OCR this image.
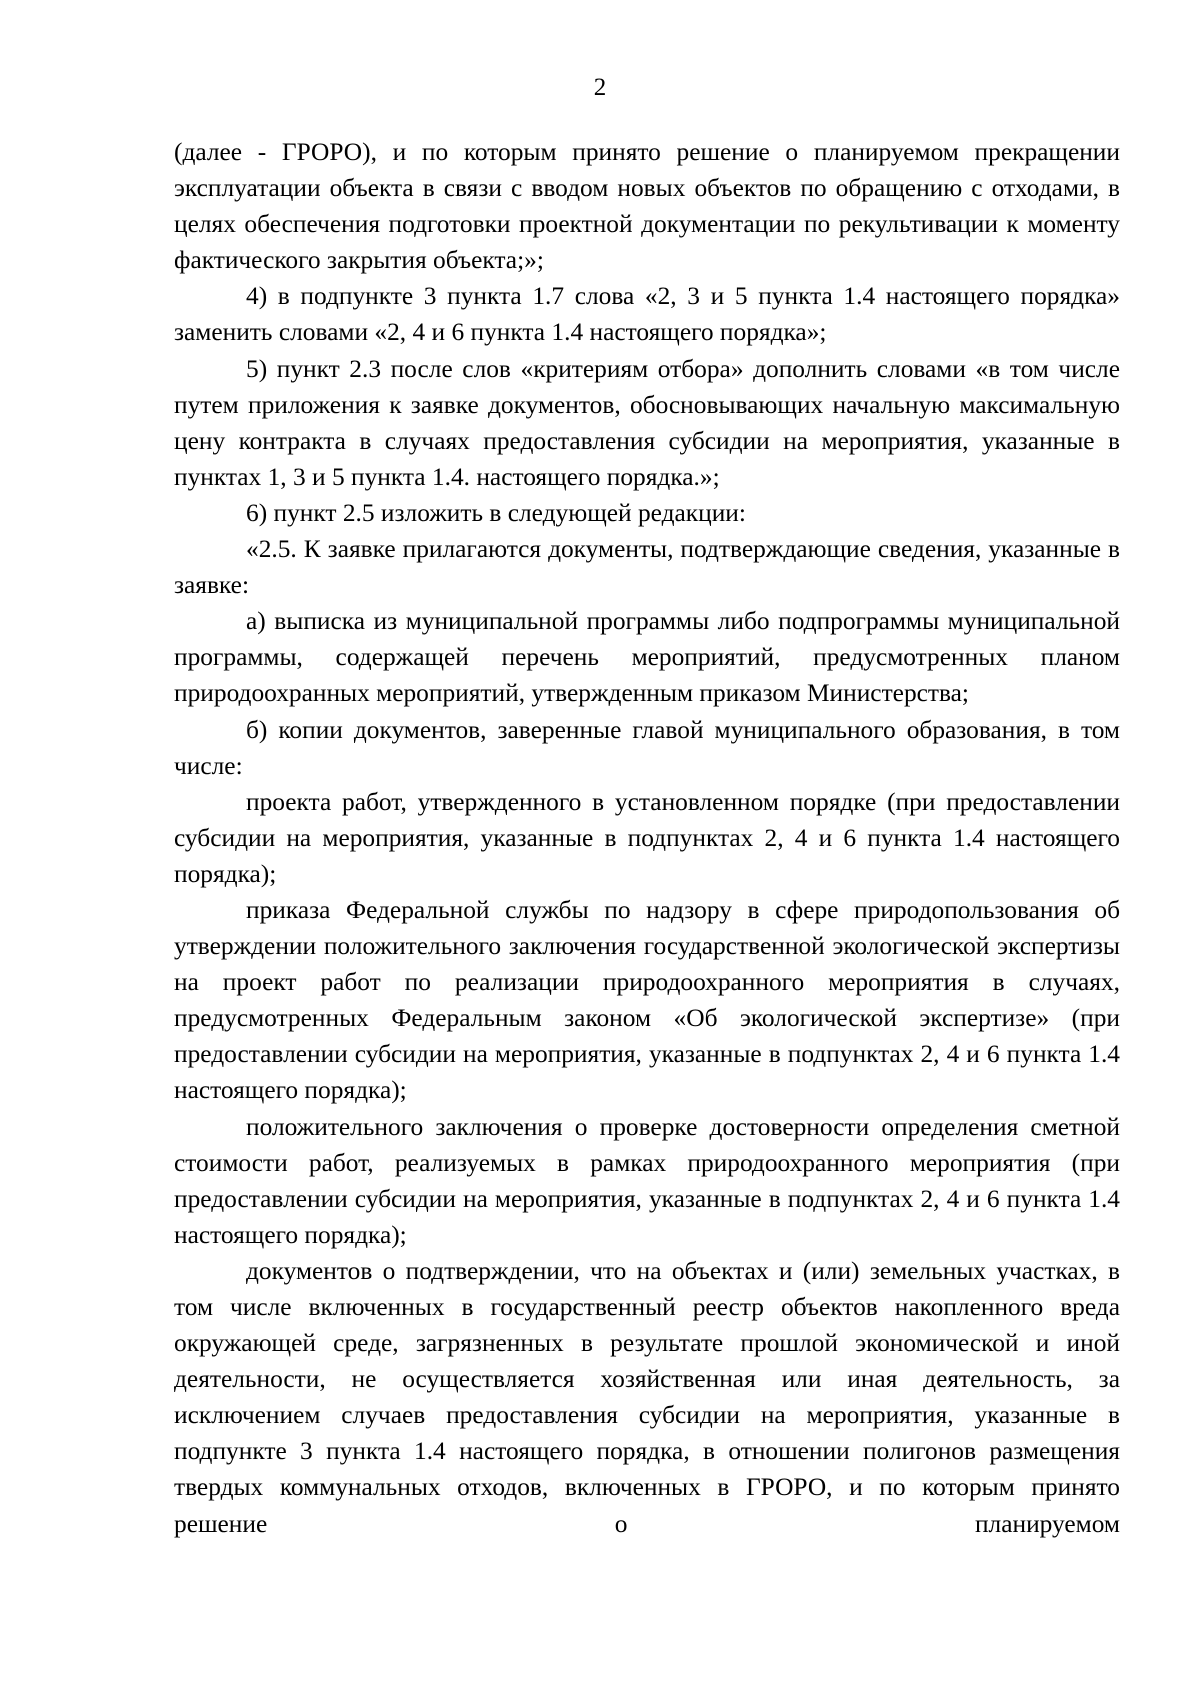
2

(далее - ГРОРО), и по которым принято решение о планируемом прекращении эксплуатации объекта в связи с вводом новых объектов по обращению с отходами, в целях обеспечения подготовки проектной документации по рекультивации к моменту фактического закрытия объекта;»;

4) в подпункте 3 пункта 1.7 слова «2, 3 и 5 пункта 1.4 настоящего порядка» заменить словами «2, 4 и 6 пункта 1.4 настоящего порядка»;

5) пункт 2.3 после слов «критериям отбора» дополнить словами «в том числе путем приложения к заявке документов, обосновывающих начальную максимальную цену контракта в случаях предоставления субсидии на мероприятия, указанные в пунктах 1, 3 и 5 пункта 1.4. настоящего порядка.»;

6) пункт 2.5 изложить в следующей редакции:

«2.5. К заявке прилагаются документы, подтверждающие сведения, указанные в заявке:

а) выписка из муниципальной программы либо подпрограммы муниципальной программы, содержащей перечень мероприятий, предусмотренных планом природоохранных мероприятий, утвержденным приказом Министерства;

б) копии документов, заверенные главой муниципального образования, в том числе:

проекта работ, утвержденного в установленном порядке (при предоставлении субсидии на мероприятия, указанные в подпунктах 2, 4 и 6 пункта 1.4 настоящего порядка);

приказа Федеральной службы по надзору в сфере природопользования об утверждении положительного заключения государственной экологической экспертизы на проект работ по реализации природоохранного мероприятия в случаях, предусмотренных Федеральным законом «Об экологической экспертизе» (при предоставлении субсидии на мероприятия, указанные в подпунктах 2, 4 и 6 пункта 1.4 настоящего порядка);

положительного заключения о проверке достоверности определения сметной стоимости работ, реализуемых в рамках природоохранного мероприятия (при предоставлении субсидии на мероприятия, указанные в подпунктах 2, 4 и 6 пункта 1.4 настоящего порядка);

документов о подтверждении, что на объектах и (или) земельных участках, в том числе включенных в государственный реестр объектов накопленного вреда окружающей среде, загрязненных в результате прошлой экономической и иной деятельности, не осуществляется хозяйственная или иная деятельность, за исключением случаев предоставления субсидии на мероприятия, указанные в подпункте 3 пункта 1.4 настоящего порядка, в отношении полигонов размещения твердых коммунальных отходов, включенных в ГРОРО, и по которым принято решение о планируемом
